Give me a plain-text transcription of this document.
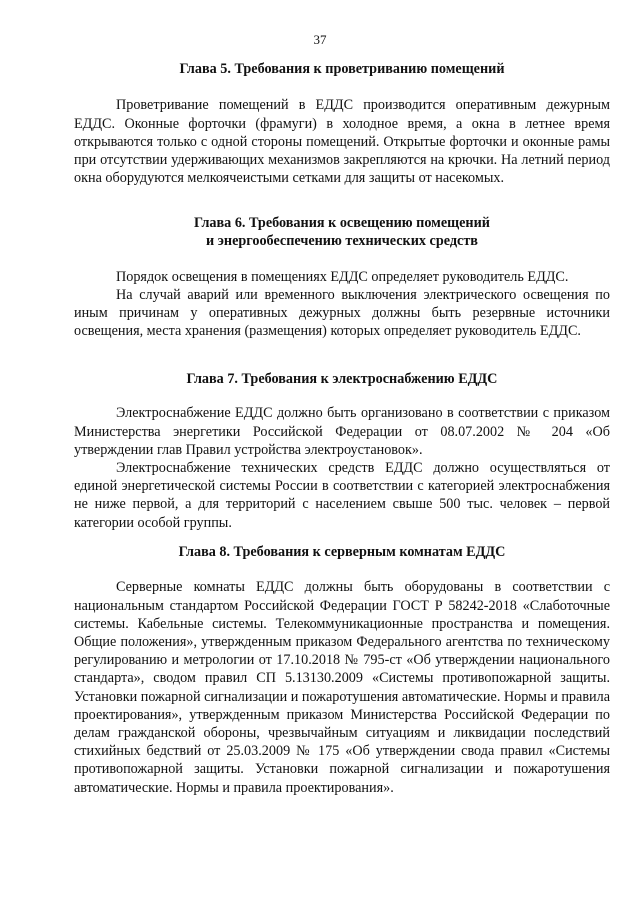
37
Глава 5. Требования к проветриванию помещений

Проветривание помещений в ЕДДС производится оперативным дежурным ЕДДС. Оконные форточки (фрамуги) в холодное время, а окна в летнее время открываются только с одной стороны помещений. Открытые форточки и оконные рамы при отсутствии удерживающих механизмов закрепляются на крючки. На летний период окна оборудуются мелкоячеистыми сетками для защиты от насекомых.

Глава 6. Требования к освещению помещений
и энергообеспечению технических средств

Порядок освещения в помещениях ЕДДС определяет руководитель ЕДДС.

На случай аварий или временного выключения электрического освещения по иным причинам у оперативных дежурных должны быть резервные источники освещения, места хранения (размещения) которых определяет руководитель ЕДДС.

Глава 7. Требования к электроснабжению ЕДДС

Электроснабжение ЕДДС должно быть организовано в соответствии с приказом Министерства энергетики Российской Федерации от 08.07.2002 № 204 «Об утверждении глав Правил устройства электроустановок».

Электроснабжение технических средств ЕДДС должно осуществляться от единой энергетической системы России в соответствии с категорией электроснабжения не ниже первой, а для территорий с населением свыше 500 тыс. человек – первой категории особой группы.

Глава 8. Требования к серверным комнатам ЕДДС

Серверные комнаты ЕДДС должны быть оборудованы в соответствии с национальным стандартом Российской Федерации ГОСТ Р 58242-2018 «Слаботочные системы. Кабельные системы. Телекоммуникационные пространства и помещения. Общие положения», утвержденным приказом Федерального агентства по техническому регулированию и метрологии от 17.10.2018 № 795-ст «Об утверждении национального стандарта», сводом правил СП 5.13130.2009 «Системы противопожарной защиты. Установки пожарной сигнализации и пожаротушения автоматические. Нормы и правила проектирования», утвержденным приказом Министерства Российской Федерации по делам гражданской обороны, чрезвычайным ситуациям и ликвидации последствий стихийных бедствий от 25.03.2009 № 175 «Об утверждении свода правил «Системы противопожарной защиты. Установки пожарной сигнализации и пожаротушения автоматические. Нормы и правила проектирования».
